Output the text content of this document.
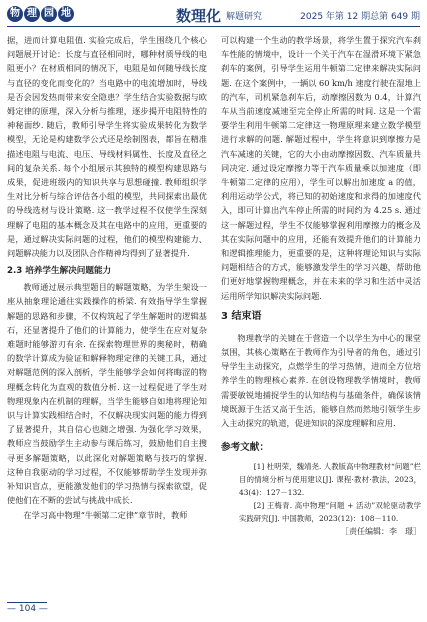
物 理 园 地	数理化 解题研究	2025 年第 12 期总第 649 期

据，进而计算电阻值. 实验完成后，学生围绕几个核心问题展开讨论：长度与直径相同时，哪种材质导线的电阻更小？在材质相同的情况下，电阻是如何随导线长度与直径的变化而变化的？当电路中的电流增加时，导线是否会因发热而带来安全隐患？学生结合实验数据与欧姆定律的原理，深入分析与推理，逐步揭开电阻特性的神秘面纱. 随后，教师引导学生将实验成果转化为数学模型，无论是构建数学公式还是绘制图表，都旨在精准描述电阻与电流、电压、导线材料属性、长度及直径之间的复杂关系. 每个小组展示其独特的模型构建思路与成果，促进班级内的知识共享与思想碰撞. 教师组织学生对比分析与综合评估各小组的模型，共同探索出最优的导线选材与设计策略. 这一教学过程不仅使学生深刻理解了电阻的基本概念及其在电路中的应用，更重要的是，通过解决实际问题的过程，他们的模型构建能力、问题解决能力以及团队合作精神均得到了显著提升.

2.3 培养学生解决问题能力

教师通过展示典型题目的解题策略，为学生架设一座从抽象理论通往实践操作的桥梁. 有效指导学生掌握解题的思路和步骤，不仅构筑起了学生解题时的逻辑基石，还显著提升了他们的计算能力，使学生在应对复杂难题时能够游刃有余. 在探索物理世界的奥秘时，精确的数学计算成为验证和解释物理定律的关键工具，通过对解题范例的深入剖析，学生能够学会如何将晦涩的物理概念转化为直观的数值分析. 这一过程促进了学生对物理现象内在机制的理解，当学生能够自如地将理论知识与计算实践相结合时，不仅解决现实问题的能力得到了显著提升，其自信心也随之增强. 为强化学习效果，教师应当鼓励学生主动参与课后练习，鼓励他们自主搜寻更多解题策略，以此深化对解题策略与技巧的掌握. 这种自我驱动的学习过程，不仅能够帮助学生发现并弥补知识盲点，更能激发他们的学习热情与探索欲望，促使他们在不断的尝试与挑战中成长.

在学习高中物理“牛顿第二定律”章节时，教师

可以构建一个生动的教学场景，将学生置于探究汽车刹车性能的情境中，设计一个关于汽车在湿滑环境下紧急刹车的案例，引导学生运用牛顿第二定律来解决实际问题. 在这个案例中，一辆以 60 km/h 速度行驶在湿地上的汽车，司机紧急刹车后，动摩擦因数为 0.4，计算汽车从当前速度减速至完全停止所需的时间. 这是一个需要学生利用牛顿第二定律这一物理原理来建立数学模型进行求解的问题. 解题过程中，学生将意识到摩擦力是汽车减速的关键，它的大小由动摩擦因数、汽车质量共同决定. 通过设定摩擦力等于汽车质量乘以加速度（即牛顿第二定律的应用），学生可以解出加速度 a 的值，利用运动学公式，将已知的初始速度和求得的加速度代入，即可计算出汽车停止所需的时间约为 4.25 s. 通过这一解题过程，学生不仅能够掌握利用摩擦力的概念及其在实际问题中的应用，还能有效提升他们的计算能力和逻辑推理能力，更重要的是，这种将理论知识与实际问题相结合的方式，能够激发学生的学习兴趣，帮助他们更好地掌握物理概念，并在未来的学习和生活中灵活运用所学知识解决实际问题.

3 结束语

物理教学的关键在于营造一个以学生为中心的课堂氛围，其核心策略在于教师作为引导者的角色，通过引导学生主动探究，点燃学生的学习热情，进而全方位培养学生的物理核心素养. 在创设物理教学情境时，教师需要敏锐地捕捉学生的认知结构与基础条件，确保该情境既源于生活又高于生活，能够自然而然地引领学生步入主动探究的轨道，促进知识的深度理解和应用.

参考文献：

[1] 杜明荣，魏靖尧. 人教版高中物理教材“问题”栏目的情境分析与使用建议[J]. 课程·教材·教法，2023，43(4)：127－132.

[2] 王梅青. 高中物理“问题 + 活动”双轮驱动教学实践研究[J]. 中国教师，2023(12)：108－110.

［责任编辑：李　璟］
— 104 —
